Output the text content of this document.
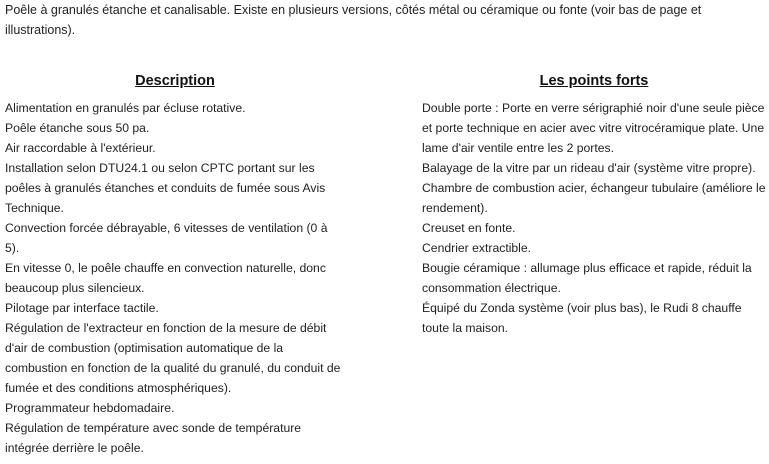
Poêle à granulés étanche et canalisable. Existe en plusieurs versions, côtés métal ou céramique ou fonte (voir bas de page et illustrations).

Description
Alimentation en granulés par écluse rotative.
Poêle étanche sous 50 pa.
Air raccordable à l'extérieur.
Installation selon DTU24.1 ou selon CPTC portant sur les poêles à granulés étanches et conduits de fumée sous Avis Technique.
Convection forcée débrayable, 6 vitesses de ventilation (0 à 5).
En vitesse 0, le poêle chauffe en convection naturelle, donc beaucoup plus silencieux.
Pilotage par interface tactile.
Régulation de l'extracteur en fonction de la mesure de débit d'air de combustion (optimisation automatique de la combustion en fonction de la qualité du granulé, du conduit de fumée et des conditions atmosphériques).
Programmateur hebdomadaire.
Régulation de température avec sonde de température intégrée derrière le poêle.
Les points forts
Double porte : Porte en verre sérigraphié noir d'une seule pièce et porte technique en acier avec vitre vitrocéramique plate. Une lame d'air ventile entre les 2 portes.
Balayage de la vitre par un rideau d'air (système vitre propre).
Chambre de combustion acier, échangeur tubulaire (améliore le rendement).
Creuset en fonte.
Cendrier extractible.
Bougie céramique : allumage plus efficace et rapide, réduit la consommation électrique.
Équipé du Zonda système (voir plus bas), le Rudi 8 chauffe toute la maison.
